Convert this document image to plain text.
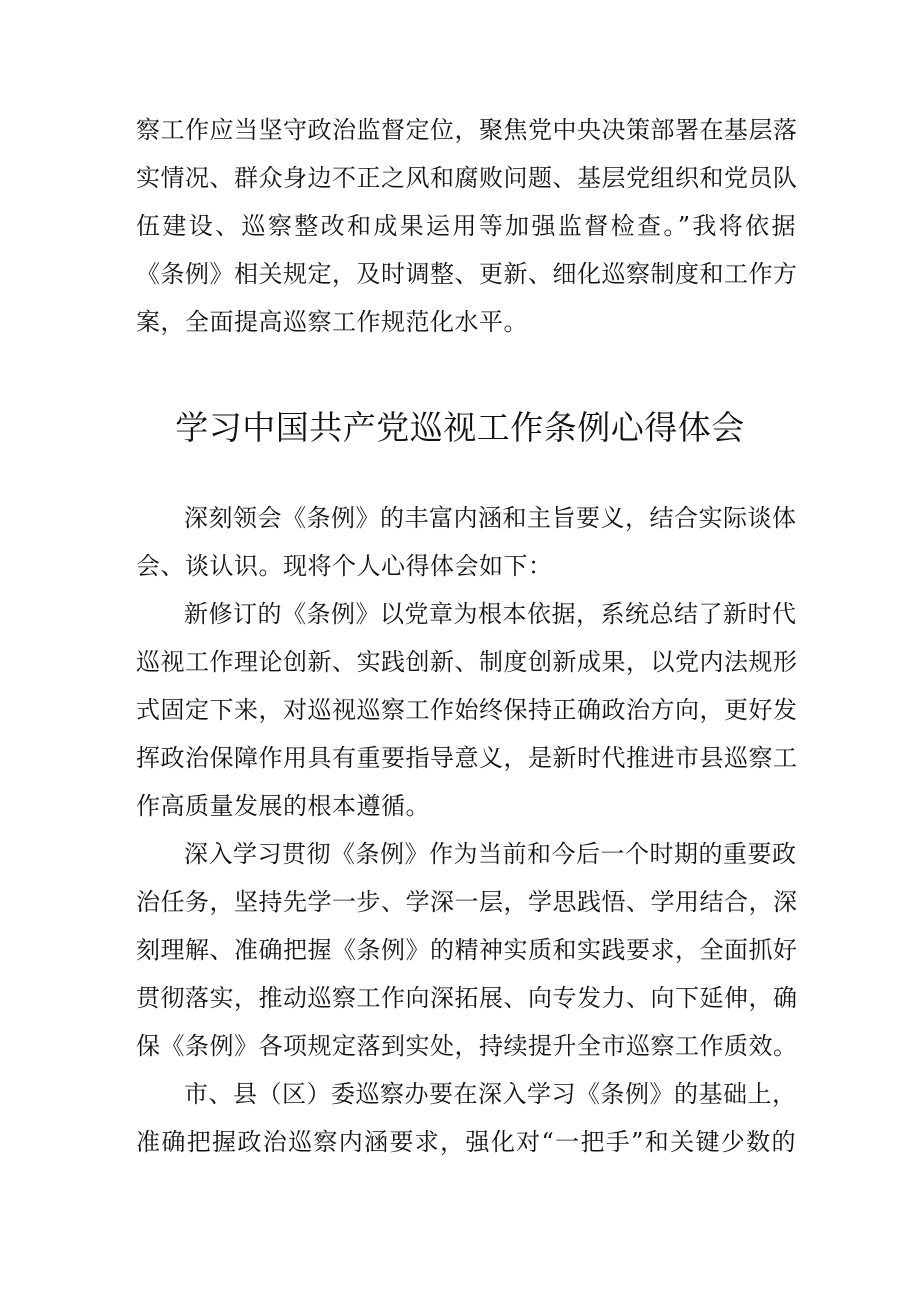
察工作应当坚守政治监督定位，聚焦党中央决策部署在基层落
实情况、群众身边不正之风和腐败问题、基层党组织和党员队
伍建设、巡察整改和成果运用等加强监督检查。”我将依据
《条例》相关规定，及时调整、更新、细化巡察制度和工作方
案，全面提高巡察工作规范化水平。
学习中国共产党巡视工作条例心得体会
深刻领会《条例》的丰富内涵和主旨要义，结合实际谈体
会、谈认识。现将个人心得体会如下：
新修订的《条例》以党章为根本依据，系统总结了新时代
巡视工作理论创新、实践创新、制度创新成果，以党内法规形
式固定下来，对巡视巡察工作始终保持正确政治方向，更好发
挥政治保障作用具有重要指导意义，是新时代推进市县巡察工
作高质量发展的根本遵循。
深入学习贯彻《条例》作为当前和今后一个时期的重要政
治任务，坚持先学一步、学深一层，学思践悟、学用结合，深
刻理解、准确把握《条例》的精神实质和实践要求，全面抓好
贯彻落实，推动巡察工作向深拓展、向专发力、向下延伸，确
保《条例》各项规定落到实处，持续提升全市巡察工作质效。
市、县（区）委巡察办要在深入学习《条例》的基础上，
准确把握政治巡察内涵要求，强化对“一把手”和关键少数的
